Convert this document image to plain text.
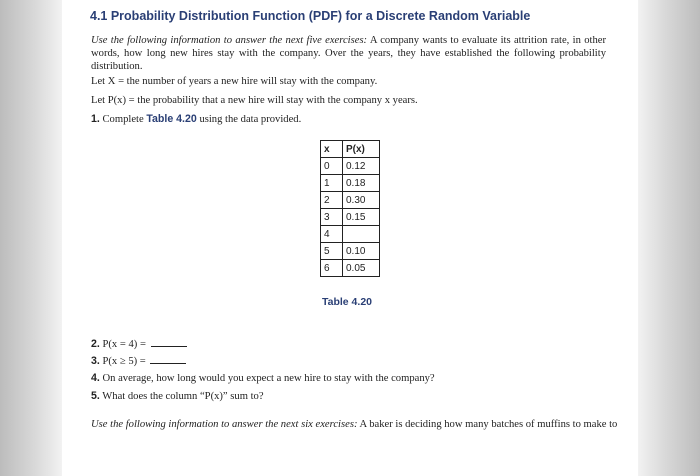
4.1 Probability Distribution Function (PDF) for a Discrete Random Variable
Use the following information to answer the next five exercises: A company wants to evaluate its attrition rate, in other words, how long new hires stay with the company. Over the years, they have established the following probability distribution.
Let X = the number of years a new hire will stay with the company.
Let P(x) = the probability that a new hire will stay with the company x years.
1. Complete Table 4.20 using the data provided.
x	P(x)
0	0.12
1	0.18
2	0.30
3	0.15
4	
5	0.10
6	0.05
Table 4.20
2. P(x = 4) =
3. P(x ≥ 5) =
4. On average, how long would you expect a new hire to stay with the company?
5. What does the column “P(x)” sum to?
Use the following information to answer the next six exercises: A baker is deciding how many batches of muffins to make to
